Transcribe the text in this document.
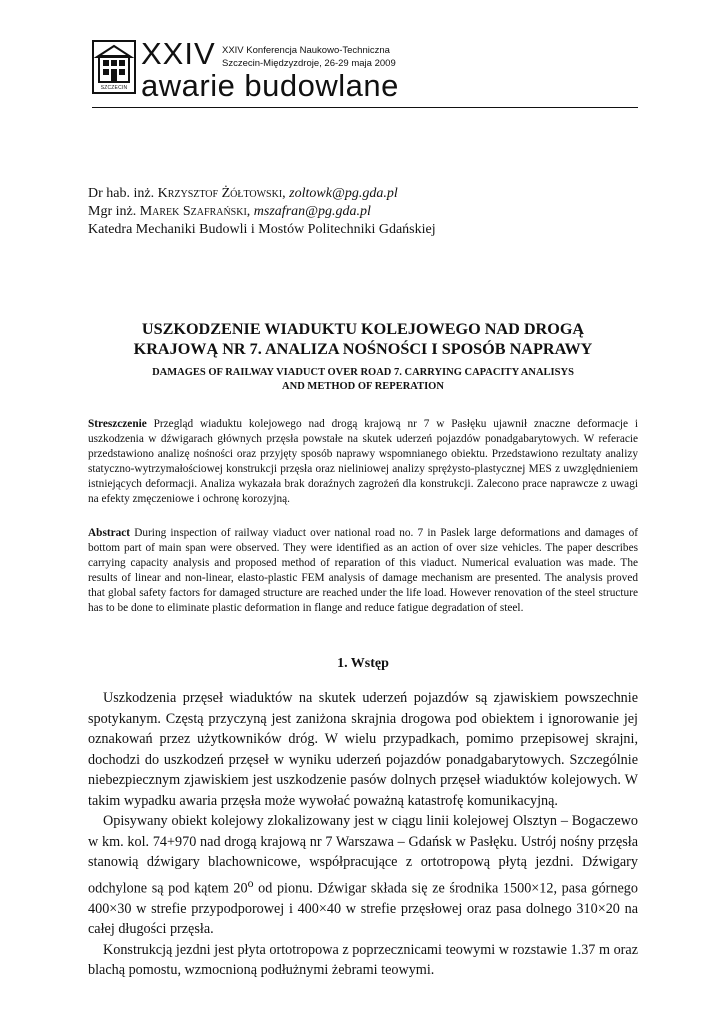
SZCZECIN
XXIV XXIV Konferencja Naukowo-Techniczna
Szczecin-Międzyzdroje, 26-29 maja 2009
awarie budowlane
Dr hab. inż. Krzysztof Żółtowski, zoltowk@pg.gda.pl
Mgr inż. Marek Szafrański, mszafran@pg.gda.pl
Katedra Mechaniki Budowli i Mostów Politechniki Gdańskiej
USZKODZENIE WIADUKTU KOLEJOWEGO NAD DROGĄ
KRAJOWĄ NR 7. ANALIZA NOŚNOŚCI I SPOSÓB NAPRAWY
DAMAGES OF RAILWAY VIADUCT OVER ROAD 7. CARRYING CAPACITY ANALISYS
AND METHOD OF REPERATION
Streszczenie Przegląd wiaduktu kolejowego nad drogą krajową nr 7 w Pasłęku ujawnił znaczne deformacje i uszkodzenia w dźwigarach głównych przęsła powstałe na skutek uderzeń pojazdów ponadgabarytowych. W referacie przedstawiono analizę nośności oraz przyjęty sposób naprawy wspomnianego obiektu. Przedstawiono rezultaty analizy statyczno-wytrzymałościowej konstrukcji przęsła oraz nieliniowej analizy sprężysto-plastycznej MES z uwzględnieniem istniejących deformacji. Analiza wykazała brak doraźnych zagrożeń dla konstrukcji. Zalecono prace naprawcze z uwagi na efekty zmęczeniowe i ochronę korozyjną.
Abstract During inspection of railway viaduct over national road no. 7 in Paslek large deformations and damages of bottom part of main span were observed. They were identified as an action of over size vehicles. The paper describes carrying capacity analysis and proposed method of reparation of this viaduct. Numerical evaluation was made. The results of linear and non-linear, elasto-plastic FEM analysis of damage mechanism are presented. The analysis proved that global safety factors for damaged structure are reached under the life load. However renovation of the steel structure has to be done to eliminate plastic deformation in flange and reduce fatigue degradation of steel.
1. Wstęp

Uszkodzenia przęseł wiaduktów na skutek uderzeń pojazdów są zjawiskiem powszechnie spotykanym. Częstą przyczyną jest zaniżona skrajnia drogowa pod obiektem i ignorowanie jej oznakowań przez użytkowników dróg. W wielu przypadkach, pomimo przepisowej skrajni, dochodzi do uszkodzeń przęseł w wyniku uderzeń pojazdów ponadgabarytowych. Szczególnie niebezpiecznym zjawiskiem jest uszkodzenie pasów dolnych przęseł wiaduktów kolejowych. W takim wypadku awaria przęsła może wywołać poważną katastrofę komunikacyjną.

Opisywany obiekt kolejowy zlokalizowany jest w ciągu linii kolejowej Olsztyn – Bogaczewo w km. kol. 74+970 nad drogą krajową nr 7 Warszawa – Gdańsk w Pasłęku. Ustrój nośny przęsła stanowią dźwigary blachownicowe, współpracujące z ortotropową płytą jezdni. Dźwigary odchylone są pod kątem 20$^o$ od pionu. Dźwigar składa się ze środnika 1500×12, pasa górnego 400×30 w strefie przypodporowej i 400×40 w strefie przęsłowej oraz pasa dolnego 310×20 na całej długości przęsła.

Konstrukcją jezdni jest płyta ortotropowa z poprzecznicami teowymi w rozstawie 1.37 m oraz blachą pomostu, wzmocnioną podłużnymi żebrami teowymi.
